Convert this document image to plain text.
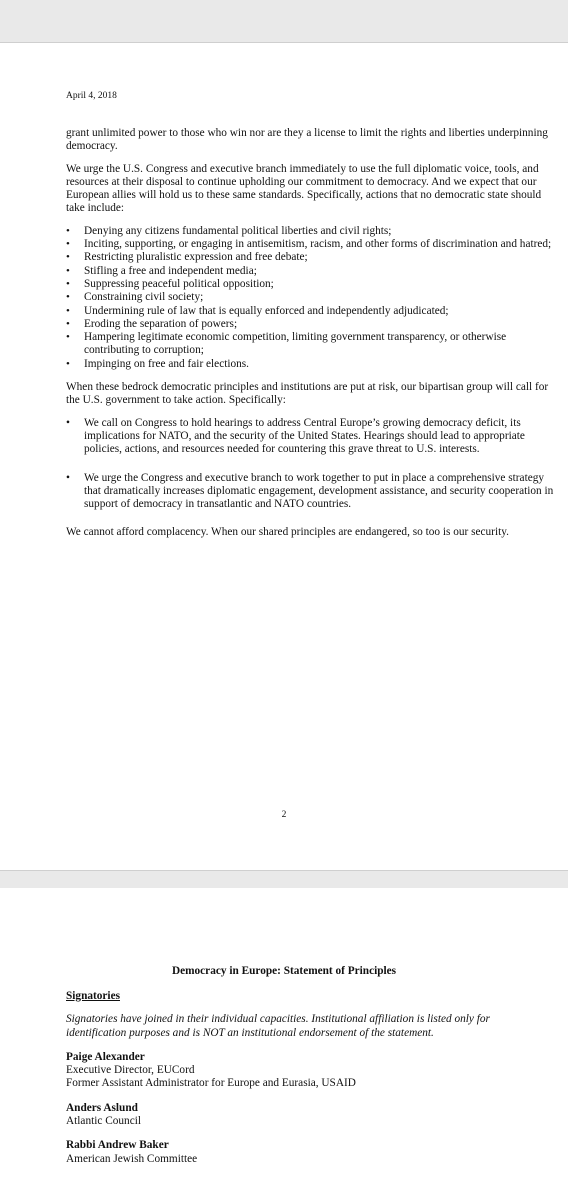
April 4, 2018

grant unlimited power to those who win nor are they a license to limit the rights and liberties underpinning democracy.

We urge the U.S. Congress and executive branch immediately to use the full diplomatic voice, tools, and resources at their disposal to continue upholding our commitment to democracy. And we expect that our European allies will hold us to these same standards. Specifically, actions that no democratic state should take include:

• Denying any citizens fundamental political liberties and civil rights;
• Inciting, supporting, or engaging in antisemitism, racism, and other forms of discrimination and hatred;
• Restricting pluralistic expression and free debate;
• Stifling a free and independent media;
• Suppressing peaceful political opposition;
• Constraining civil society;
• Undermining rule of law that is equally enforced and independently adjudicated;
• Eroding the separation of powers;
• Hampering legitimate economic competition, limiting government transparency, or otherwise contributing to corruption;
• Impinging on free and fair elections.

When these bedrock democratic principles and institutions are put at risk, our bipartisan group will call for the U.S. government to take action. Specifically:

• We call on Congress to hold hearings to address Central Europe’s growing democracy deficit, its implications for NATO, and the security of the United States. Hearings should lead to appropriate policies, actions, and resources needed for countering this grave threat to U.S. interests.
• We urge the Congress and executive branch to work together to put in place a comprehensive strategy that dramatically increases diplomatic engagement, development assistance, and security cooperation in support of democracy in transatlantic and NATO countries.

We cannot afford complacency. When our shared principles are endangered, so too is our security.

2
Democracy in Europe: Statement of Principles
Signatories

Signatories have joined in their individual capacities. Institutional affiliation is listed only for identification purposes and is NOT an institutional endorsement of the statement.

Paige Alexander
Executive Director, EUCord
Former Assistant Administrator for Europe and Eurasia, USAID
Anders Aslund
Atlantic Council
Rabbi Andrew Baker
American Jewish Committee
